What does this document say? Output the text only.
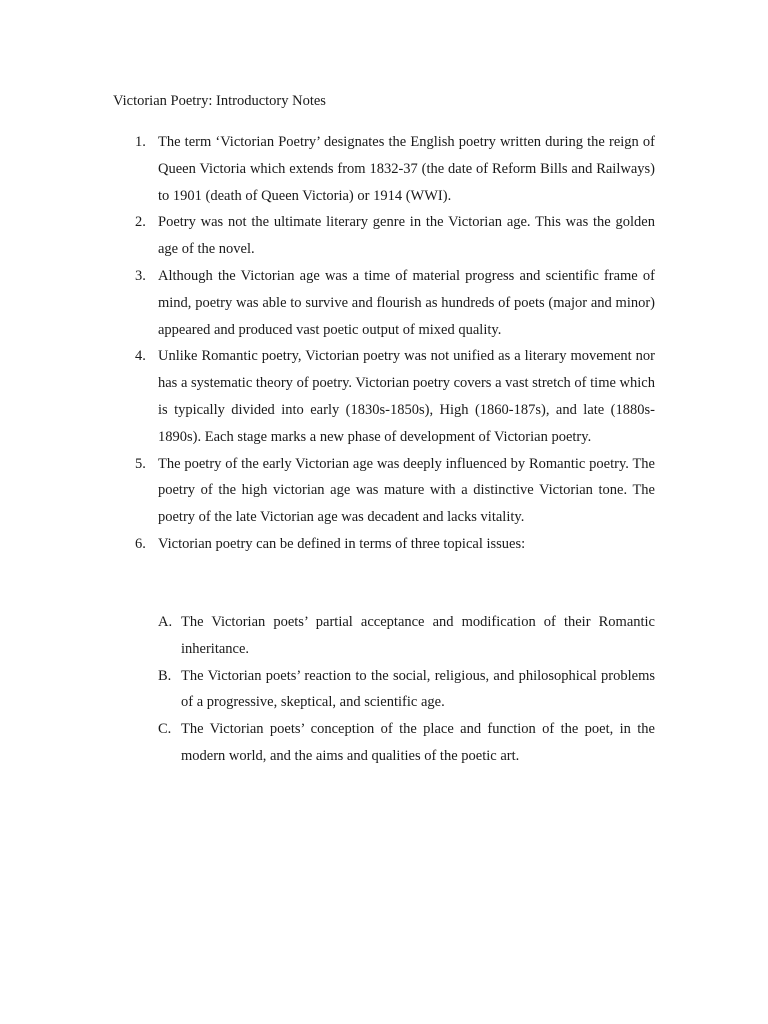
Victorian Poetry: Introductory Notes
1. The term ‘Victorian Poetry’ designates the English poetry written during the reign of Queen Victoria which extends from 1832-37 (the date of Reform Bills and Railways) to 1901 (death of Queen Victoria) or 1914 (WWI).
2. Poetry was not the ultimate literary genre in the Victorian age. This was the golden age of the novel.
3. Although the Victorian age was a time of material progress and scientific frame of mind, poetry was able to survive and flourish as hundreds of poets (major and minor) appeared and produced vast poetic output of mixed quality.
4. Unlike Romantic poetry, Victorian poetry was not unified as a literary movement nor has a systematic theory of poetry. Victorian poetry covers a vast stretch of time which is typically divided into early (1830s-1850s), High (1860-187s), and late (1880s-1890s). Each stage marks a new phase of development of Victorian poetry.
5. The poetry of the early Victorian age was deeply influenced by Romantic poetry. The poetry of the high victorian age was mature with a distinctive Victorian tone. The poetry of the late Victorian age was decadent and lacks vitality.
6. Victorian poetry can be defined in terms of three topical issues:
A. The Victorian poets’ partial acceptance and modification of their Romantic inheritance.
B. The Victorian poets’ reaction to the social, religious, and philosophical problems of a progressive, skeptical, and scientific age.
C. The Victorian poets’ conception of the place and function of the poet, in the modern world, and the aims and qualities of the poetic art.
